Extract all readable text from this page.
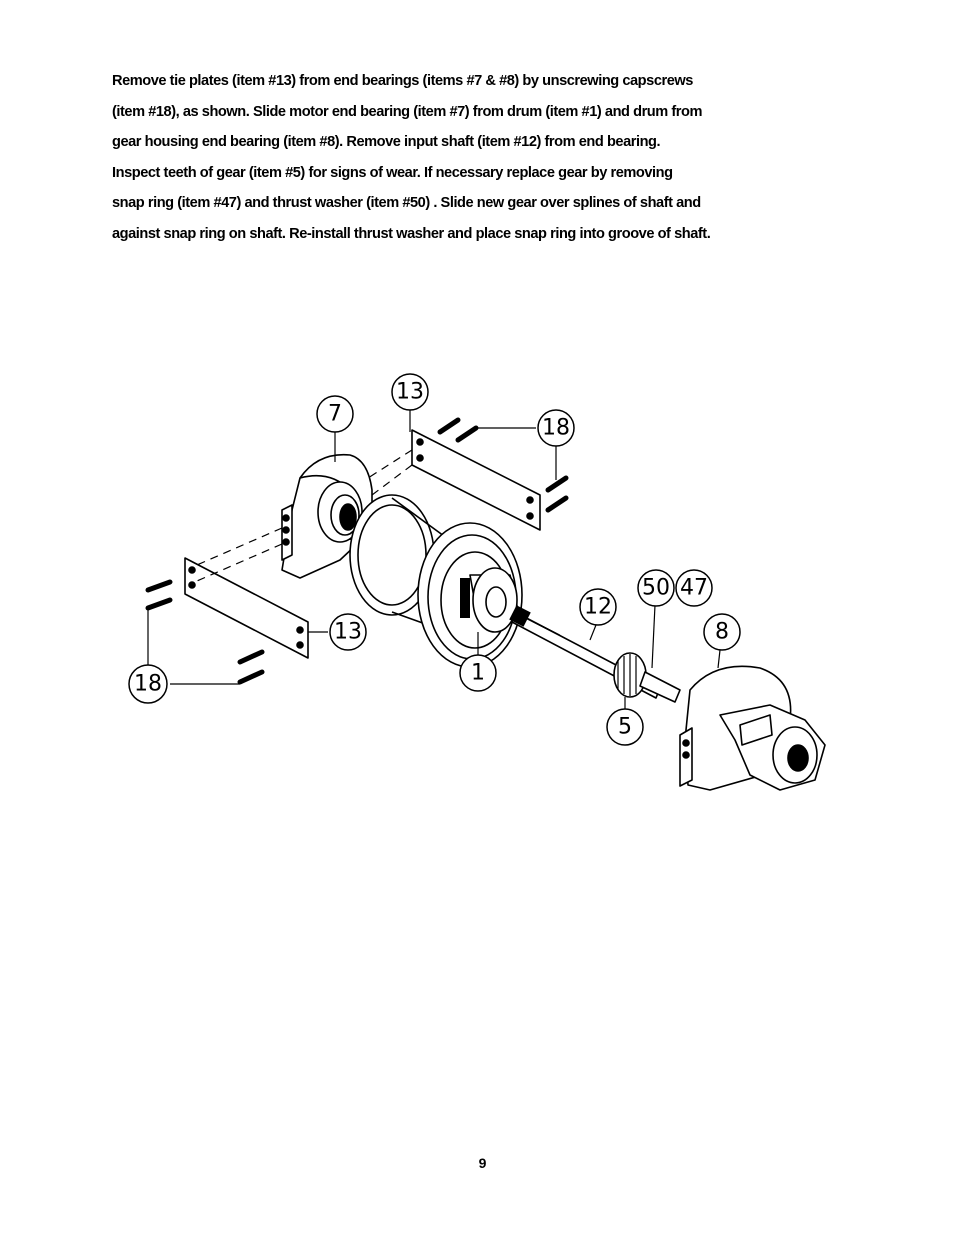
Remove tie plates (item #13) from end bearings (items #7 & #8) by unscrewing capscrews
(item #18), as shown. Slide motor end bearing (item #7) from drum (item #1) and drum from
gear housing end bearing (item #8). Remove input shaft (item #12) from end bearing.
Inspect teeth of gear (item #5) for signs of wear. If necessary replace gear by removing
snap ring (item #47) and thrust washer (item #50) . Slide new gear over splines of shaft and
against snap ring on shaft. Re-install thrust washer and place snap ring into groove of shaft.
7
13
18
18
13
1
12
50 47
8
5
9
